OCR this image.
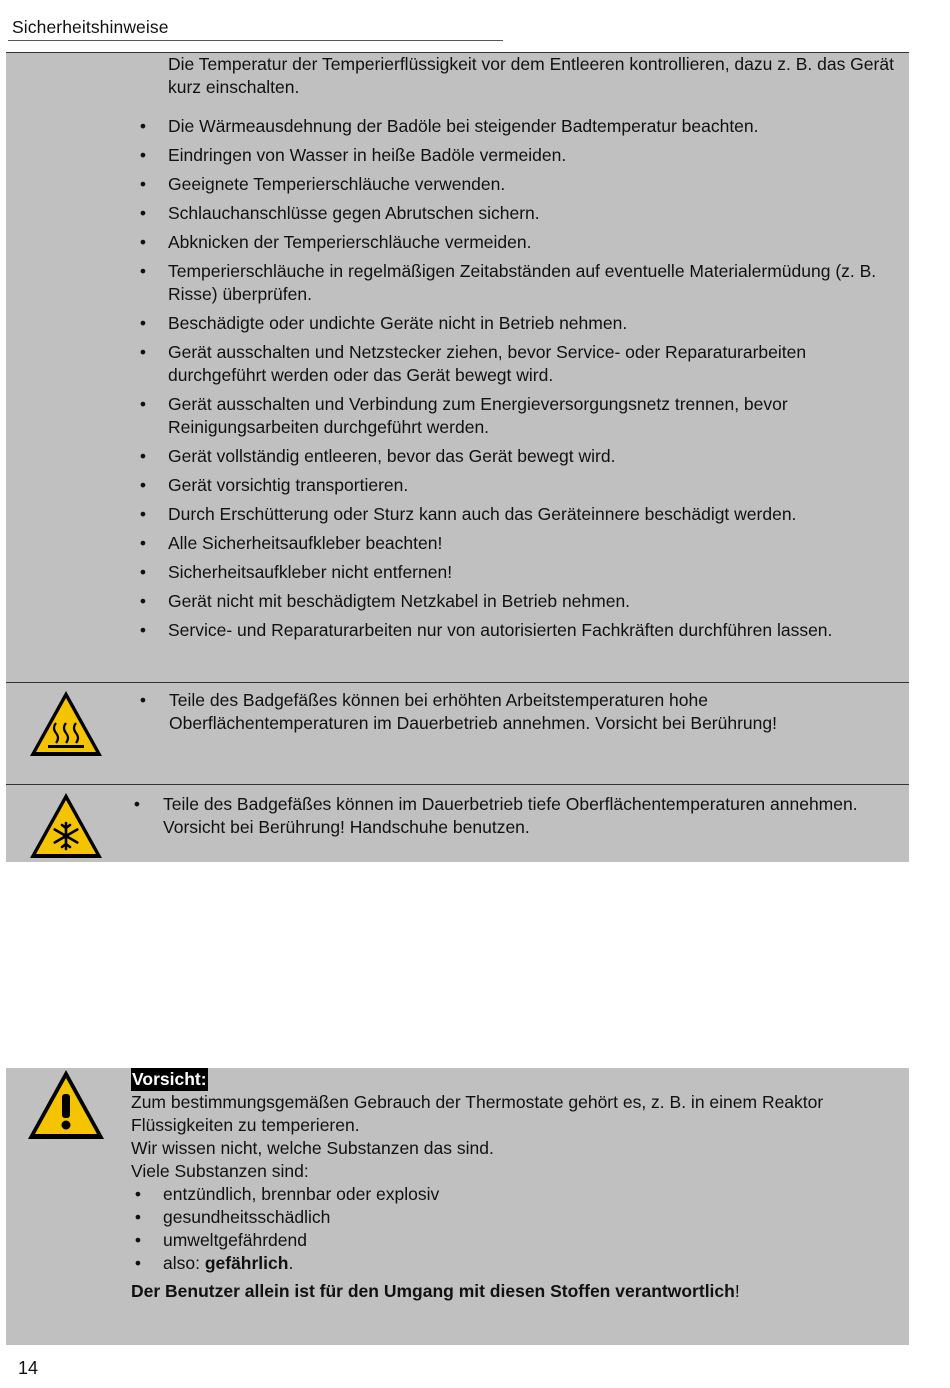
Sicherheitshinweise
Die Temperatur der Temperierflüssigkeit vor dem Entleeren kontrollieren, dazu z. B. das Gerät kurz einschalten.
• Die Wärmeausdehnung der Badöle bei steigender Badtemperatur beachten.
• Eindringen von Wasser in heiße Badöle vermeiden.
• Geeignete Temperierschläuche verwenden.
• Schlauchanschlüsse gegen Abrutschen sichern.
• Abknicken der Temperierschläuche vermeiden.
• Temperierschläuche in regelmäßigen Zeitabständen auf eventuelle Materialermüdung (z. B. Risse) überprüfen.
• Beschädigte oder undichte Geräte nicht in Betrieb nehmen.
• Gerät ausschalten und Netzstecker ziehen, bevor Service- oder Reparaturarbeiten durchgeführt werden oder das Gerät bewegt wird.
• Gerät ausschalten und Verbindung zum Energieversorgungsnetz trennen, bevor Reinigungsarbeiten durchgeführt werden.
• Gerät vollständig entleeren, bevor das Gerät bewegt wird.
• Gerät vorsichtig transportieren.
• Durch Erschütterung oder Sturz kann auch das Geräteinnere beschädigt werden.
• Alle Sicherheitsaufkleber beachten!
• Sicherheitsaufkleber nicht entfernen!
• Gerät nicht mit beschädigtem Netzkabel in Betrieb nehmen.
• Service- und Reparaturarbeiten nur von autorisierten Fachkräften durchführen lassen.
• Teile des Badgefäßes können bei erhöhten Arbeitstemperaturen hohe Oberflächentemperaturen im Dauerbetrieb annehmen. Vorsicht bei Berührung!
• Teile des Badgefäßes können im Dauerbetrieb tiefe Oberflächentemperaturen annehmen.
Vorsicht bei Berührung! Handschuhe benutzen.
Vorsicht:
Zum bestimmungsgemäßen Gebrauch der Thermostate gehört es, z. B. in einem Reaktor Flüssigkeiten zu temperieren.
Wir wissen nicht, welche Substanzen das sind.
Viele Substanzen sind:
• entzündlich, brennbar oder explosiv
• gesundheitsschädlich
• umweltgefährdend
• also: gefährlich.
Der Benutzer allein ist für den Umgang mit diesen Stoffen verantwortlich!
14
